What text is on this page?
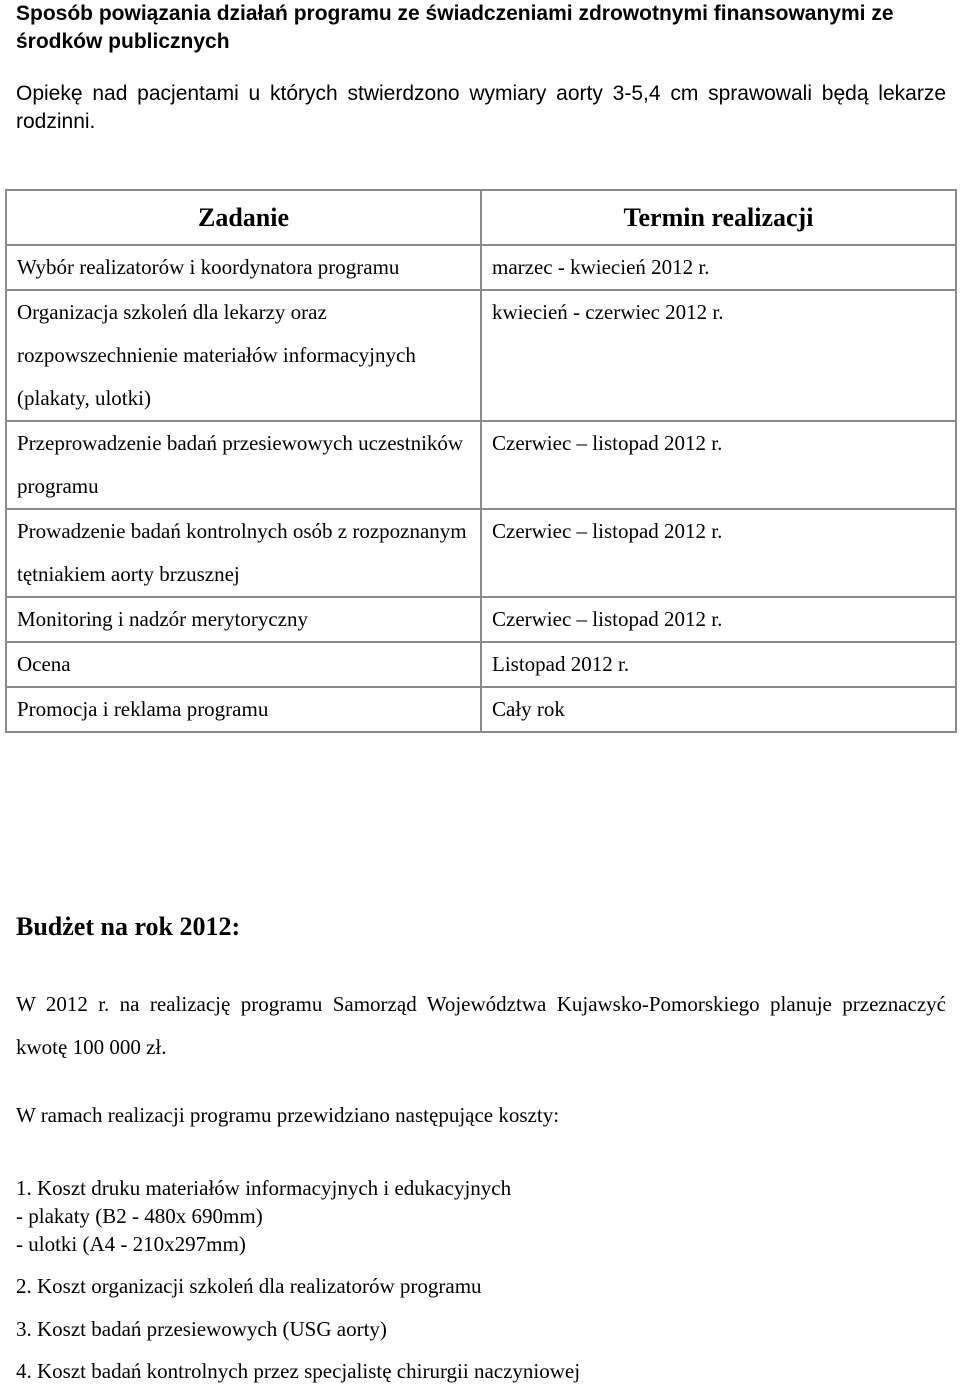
Sposób powiązania działań programu ze świadczeniami zdrowotnymi finansowanymi ze środków publicznych
Opiekę nad pacjentami u których stwierdzono wymiary aorty 3-5,4 cm sprawowali będą lekarze rodzinni.
Zadanie	Termin realizacji
Wybór realizatorów i koordynatora programu	marzec - kwiecień 2012 r.
Organizacja szkoleń dla lekarzy oraz rozpowszechnienie materiałów informacyjnych (plakaty, ulotki)	kwiecień - czerwiec 2012 r.
Przeprowadzenie badań przesiewowych uczestników programu	Czerwiec – listopad 2012 r.
Prowadzenie badań kontrolnych osób z rozpoznanym tętniakiem aorty brzusznej	Czerwiec – listopad 2012 r.
Monitoring i nadzór merytoryczny	Czerwiec – listopad 2012 r.
Ocena	Listopad 2012 r.
Promocja i reklama programu	Cały rok
Budżet na rok 2012:
W 2012 r. na realizację programu Samorząd Województwa Kujawsko-Pomorskiego planuje przeznaczyć kwotę 100 000 zł.
W ramach realizacji programu przewidziano następujące koszty:
1. Koszt druku materiałów informacyjnych i edukacyjnych
- plakaty (B2 - 480x 690mm)
- ulotki (A4 - 210x297mm)
2. Koszt organizacji szkoleń dla realizatorów programu
3. Koszt badań przesiewowych (USG aorty)
4. Koszt badań kontrolnych przez specjalistę chirurgii naczyniowej
